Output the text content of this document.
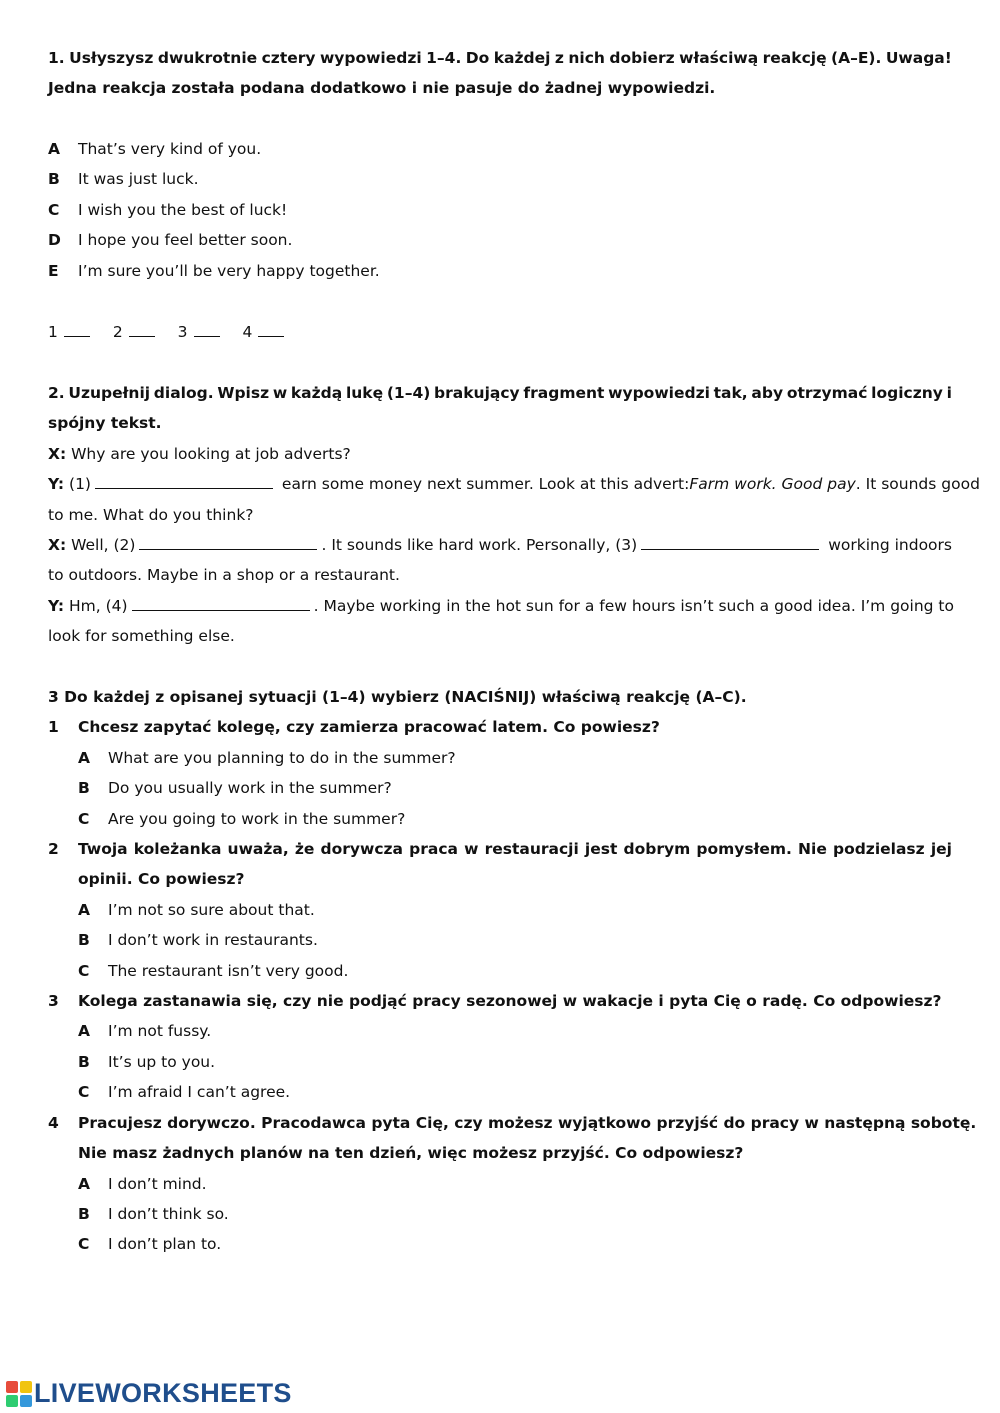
1. Usłyszysz dwukrotnie cztery wypowiedzi 1–4. Do każdej z nich dobierz właściwą reakcję (A–E). Uwaga!
Jedna reakcja została podana dodatkowo i nie pasuje do żadnej wypowiedzi.
A	That’s very kind of you.
B	It was just luck.
C	I wish you the best of luck!
D	I hope you feel better soon.
E	I’m sure you’ll be very happy together.
1
	2
	3
	4
2. Uzupełnij dialog. Wpisz w każdą lukę (1–4) brakujący fragment wypowiedzi tak, aby otrzymać logiczny i
spójny tekst.
X: Why are you looking at job adverts?
Y: (1)	earn some money next summer. Look at this advert: Farm work. Good pay. It sounds good
to me. What do you think?
X: Well, (2)	. It sounds like hard work. Personally, (3)	working indoors
to outdoors. Maybe in a shop or a restaurant.
Y: Hm, (4)	. Maybe working in the hot sun for a few hours isn’t such a good idea. I’m going to
look for something else.
3 Do każdej z opisanej sytuacji (1–4) wybierz (NACIŚNIJ) właściwą reakcję (A–C).
1	Chcesz zapytać kolegę, czy zamierza pracować latem. Co powiesz?
A	What are you planning to do in the summer?
B	Do you usually work in the summer?
C	Are you going to work in the summer?
2	Twoja koleżanka uważa, że dorywcza praca w restauracji jest dobrym pomysłem. Nie podzielasz jej
opinii. Co powiesz?
A	I’m not so sure about that.
B	I don’t work in restaurants.
C	The restaurant isn’t very good.
3	Kolega zastanawia się, czy nie podjąć pracy sezonowej w wakacje i pyta Cię o radę. Co odpowiesz?
A	I’m not fussy.
B	It’s up to you.
C	I’m afraid I can’t agree.
4	Pracujesz dorywczo. Pracodawca pyta Cię, czy możesz wyjątkowo przyjść do pracy w następną sobotę.
Nie masz żadnych planów na ten dzień, więc możesz przyjść. Co odpowiesz?
A	I don’t mind.
B	I don’t think so.
C	I don’t plan to.
LIVEWORKSHEETS
